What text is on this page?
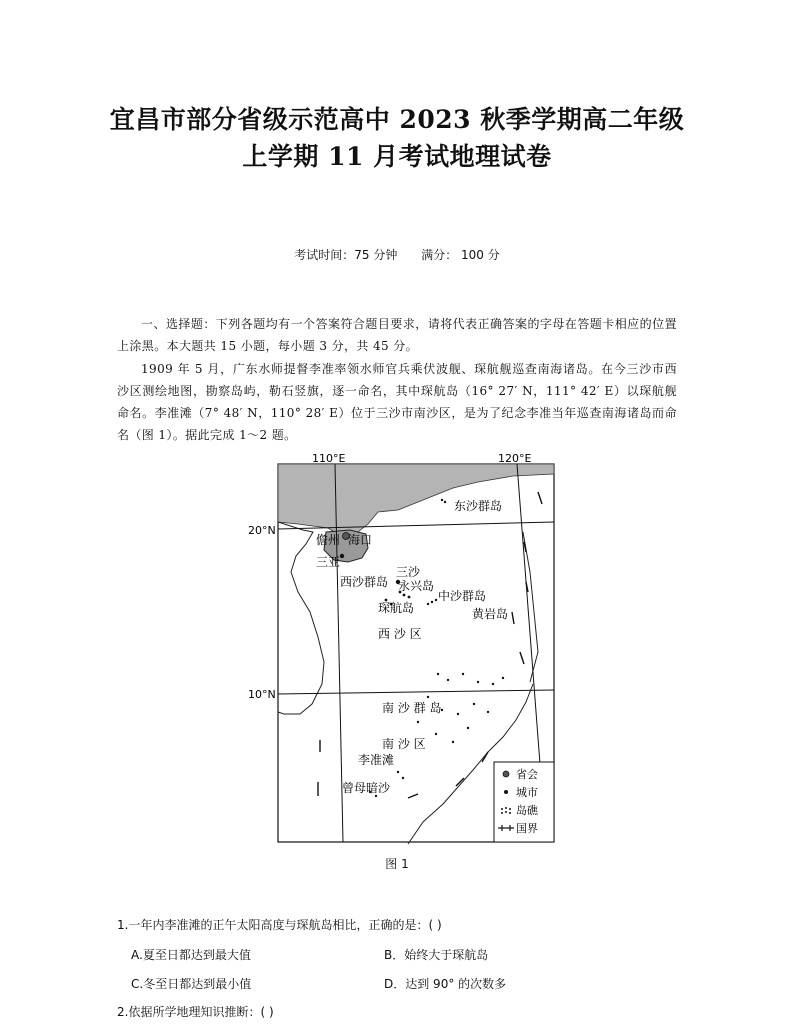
宜昌市部分省级示范高中 2023 秋季学期高二年级
上学期 11 月考试地理试卷
考试时间：75 分钟 满分： 100 分
一、选择题：下列各题均有一个答案符合题目要求，请将代表正确答案的字母在答题卡相应的位置上涂黑。本大题共 15 小题，每小题 3 分，共 45 分。
1909 年 5 月，广东水师提督李准率领水师官兵乘伏波舰、琛航舰巡查南海诸岛。在今三沙市西沙区测绘地图，勘察岛屿，勒石竖旗，逐一命名，其中琛航岛（16° 27′ N，111° 42′ E）以琛航舰命名。李准滩（7° 48′ N，110° 28′ E）位于三沙市南沙区，是为了纪念李准当年巡查南海诸岛而命名（图 1）。据此完成 1～2 题。
110°E	120°E
20°N
10°N
儋州 海口
三亚
东沙群岛
三沙
永兴岛
西沙群岛
琛航岛
中沙群岛
黄岩岛
西 沙 区
南 沙 群 岛
南 沙 区
李准滩
曾母暗沙
省会
城市
岛礁
国界
图 1
1.一年内李准滩的正午太阳高度与琛航岛相比，正确的是：( )
A.夏至日都达到最大值	B．始终大于琛航岛
C.冬至日都达到最小值	D．达到 90° 的次数多
2.依据所学地理知识推断：( )
